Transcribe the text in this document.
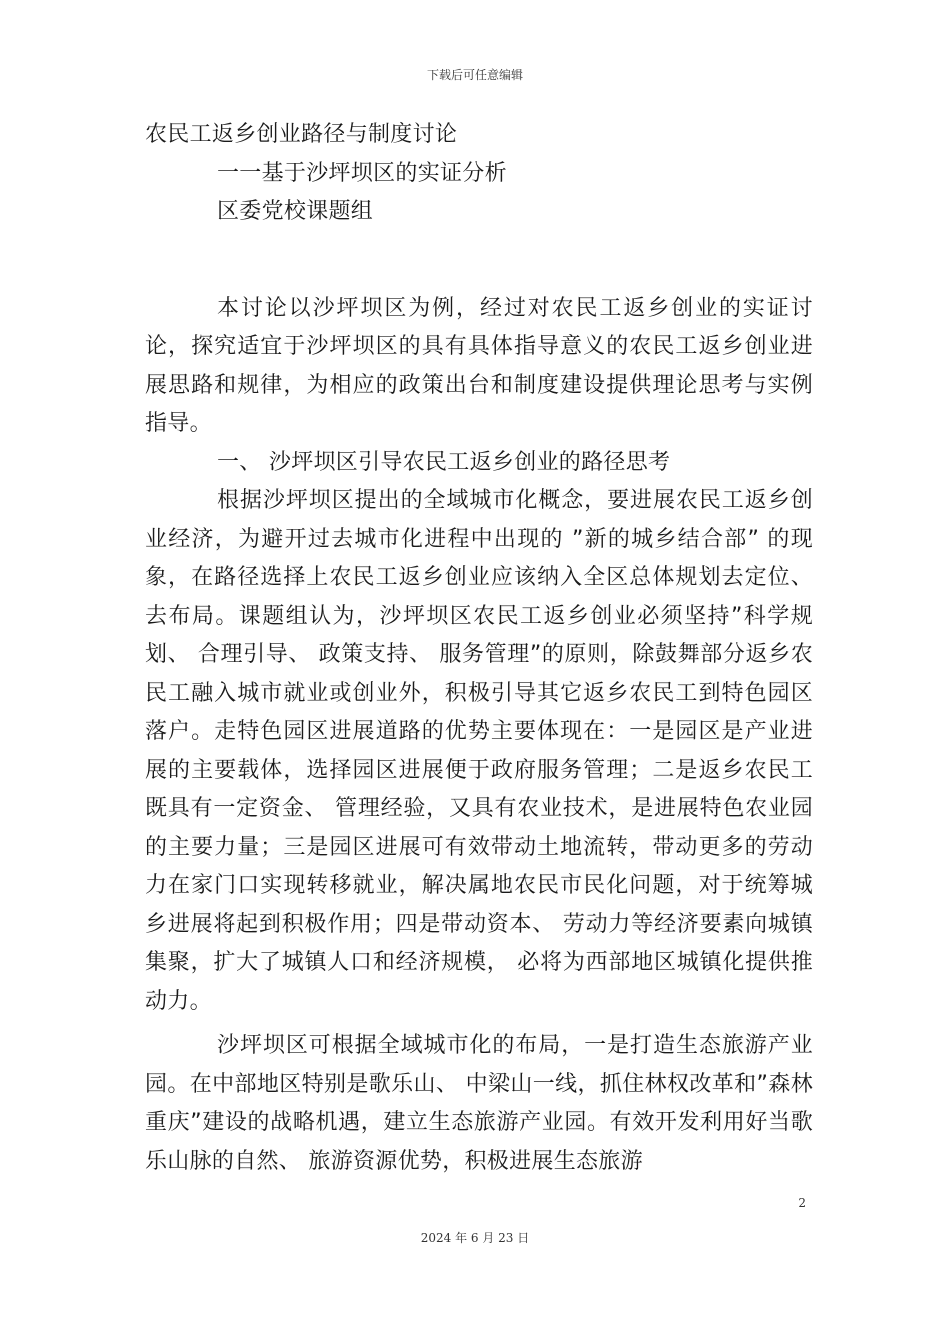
下载后可任意编辑
农民工返乡创业路径与制度讨论
一一基于沙坪坝区的实证分析
区委党校课题组
本讨论以沙坪坝区为例，经过对农民工返乡创业的实证讨论，探究适宜于沙坪坝区的具有具体指导意义的农民工返乡创业进展思路和规律，为相应的政策出台和制度建设提供理论思考与实例指导。
一、 沙坪坝区引导农民工返乡创业的路径思考
根据沙坪坝区提出的全域城市化概念，要进展农民工返乡创业经济，为避开过去城市化进程中出现的 ”新的城乡结合部” 的现象，在路径选择上农民工返乡创业应该纳入全区总体规划去定位、 去布局。课题组认为，沙坪坝区农民工返乡创业必须坚持”科学规划、 合理引导、 政策支持、 服务管理”的原则，除鼓舞部分返乡农民工融入城市就业或创业外，积极引导其它返乡农民工到特色园区落户。走特色园区进展道路的优势主要体现在：一是园区是产业进展的主要载体，选择园区进展便于政府服务管理；二是返乡农民工既具有一定资金、 管理经验，又具有农业技术，是进展特色农业园的主要力量；三是园区进展可有效带动土地流转，带动更多的劳动力在家门口实现转移就业，解决属地农民市民化问题，对于统筹城乡进展将起到积极作用；四是带动资本、 劳动力等经济要素向城镇集聚，扩大了城镇人口和经济规模， 必将为西部地区城镇化提供推动力。
沙坪坝区可根据全域城市化的布局，一是打造生态旅游产业园。在中部地区特别是歌乐山、 中梁山一线，抓住林权改革和”森林重庆”建设的战略机遇，建立生态旅游产业园。有效开发利用好当歌乐山脉的自然、 旅游资源优势，积极进展生态旅游
2
2024 年 6 月 23 日
